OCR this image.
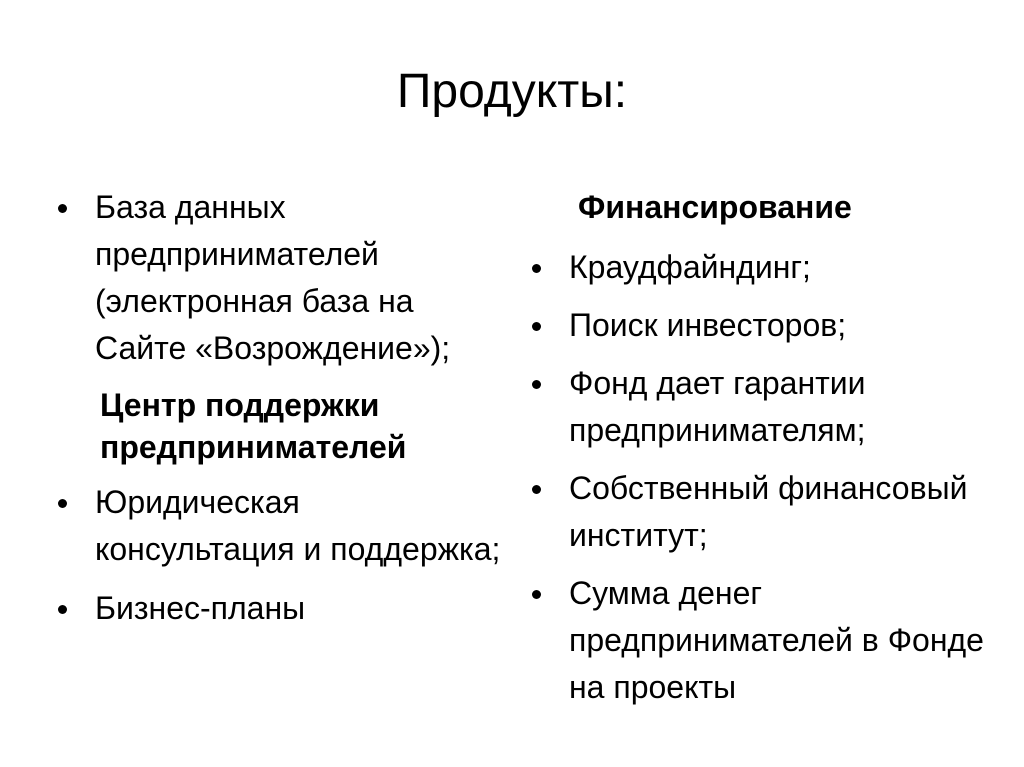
Продукты:
База данных предпринимателей (электронная база на Сайте «Возрождение»);
Центр поддержки предпринимателей
Юридическая консультация и поддержка;
Бизнес-планы
Финансирование
Краудфайндинг;
Поиск инвесторов;
Фонд дает гарантии предпринимателям;
Собственный финансовый институт;
Сумма денег предпринимателей в Фонде на проекты
